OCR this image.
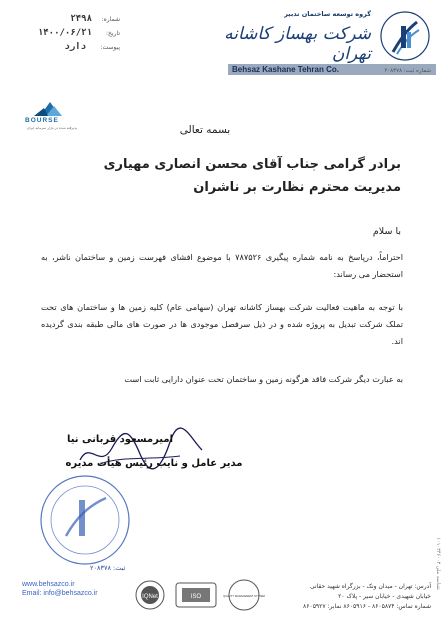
شماره:
۲۴۹۸
تاریخ:
۱۴۰۰/۰۶/۲۱
پیوست:
دارد
گروه توسعه ساختمان تدبیر
شرکت بهساز کاشانه تهران
Behsaz Kashane Tehran Co.	شماره ثبت: ۲۰۸۳۷۸
BOURSE
پذیرفته شده در بازار سرمایه ایران	بسمه تعالی
برادر گرامی جناب آقای محسن انصاری مهیاری
مدیریت محترم نظارت بر ناشران
با سلام
احتراماً، درپاسخ به نامه شماره پیگیری ۷۸۷۵۲۶ با موضوع افشای فهرست زمین و ساختمان ناشر، به استحضار می رساند:
با توجه به ماهیت فعالیت شرکت بهساز کاشانه تهران (سهامی عام) کلیه زمین ها و ساختمان های تحت تملک شرکت تبدیل به پروژه شده و در ذیل سرفصل موجودی ها در صورت های مالی طبقه بندی گردیده اند.
به عبارت دیگر شرکت فاقد هرگونه زمین و ساختمان تحت عنوان دارایی ثابت است
امیرمسعود قربانی نیا
مدیر عامل و نایب رئیس هیأت مدیره
ثبت: ۲۰۸۳۷۸
شناسه ملی ۱۰۱۰۳۴۶۰۰۳
www.behsazco.ir
Email: info@behsazco.ir	IQNet	ISO	QUALITY MANAGEMENT SYSTEM
آدرس: تهران - میدان ونک - بزرگراه شهید حقانی
خیابان شهیدی - خیابان سیر - پلاک ۲۰
شماره تماس: ۸۶۰۵۸۷۴ - ۸۶۰۵۹۱۶ نمابر: ۸۶۰۵۹۲۷
